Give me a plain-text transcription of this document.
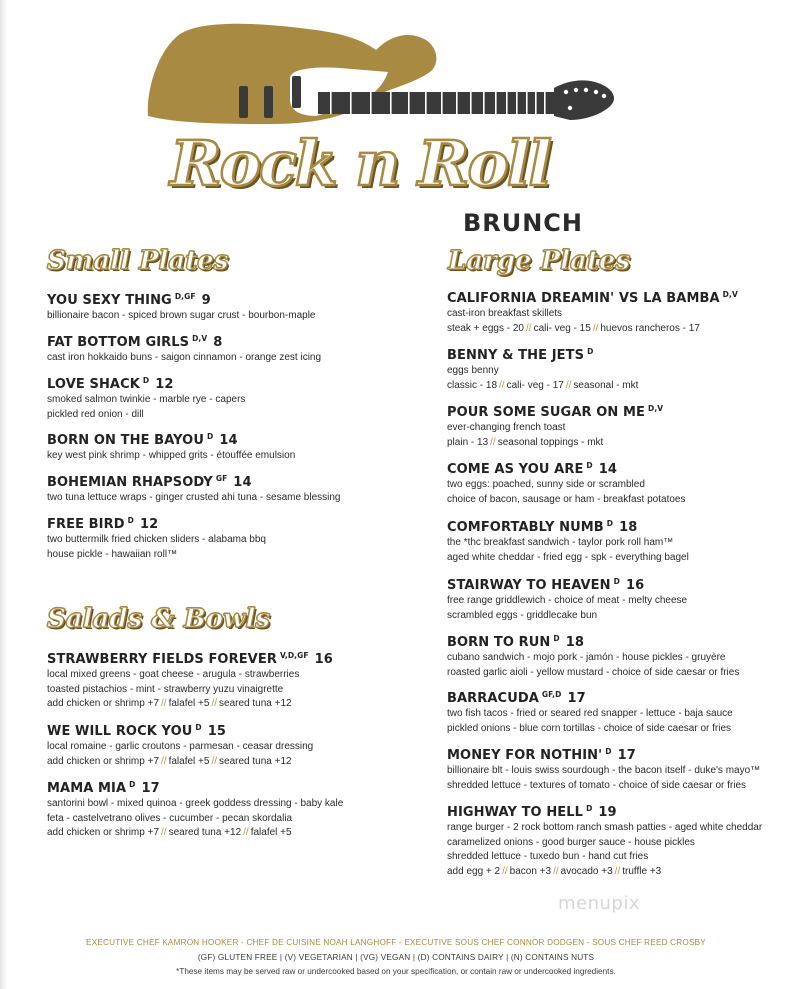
Rock n Roll
BRUNCH
Small Plates	Large Plates
Salads & Bowls
YOU SEXY THING $^{D,GF}$ 9
billionaire bacon - spiced brown sugar crust - bourbon-maple
FAT BOTTOM GIRLS $^{D,V}$ 8
cast iron hokkaido buns - saigon cinnamon - orange zest icing
LOVE SHACK $^D$ 12
smoked salmon twinkie - marble rye - capers
pickled red onion - dill
BORN ON THE BAYOU $^D$ 14
key west pink shrimp - whipped grits - étouffée emulsion
BOHEMIAN RHAPSODY $^{GF}$ 14
two tuna lettuce wraps - ginger crusted ahi tuna - sesame blessing
FREE BIRD $^D$ 12
two buttermilk fried chicken sliders - alabama bbq
house pickle - hawaiian roll™
STRAWBERRY FIELDS FOREVER $^{V,D,GF}$ 16
local mixed greens - goat cheese - arugula - strawberries
toasted pistachios - mint - strawberry yuzu vinaigrette
add chicken or shrimp +7 // falafel +5 // seared tuna +12
WE WILL ROCK YOU $^D$ 15
local romaine - garlic croutons - parmesan - ceasar dressing
add chicken or shrimp +7 // falafel +5 // seared tuna +12
MAMA MIA $^D$ 17
santorini bowl - mixed quinoa - greek goddess dressing - baby kale
feta - castelvetrano olives - cucumber - pecan skordalia
add chicken or shrimp +7 // seared tuna +12 // falafel +5
CALIFORNIA DREAMIN' VS LA BAMBA $^{D,V}$
cast-iron breakfast skillets
steak + eggs - 20 // cali- veg - 15 // huevos rancheros - 17
BENNY & THE JETS $^D$
eggs benny
classic - 18 // cali- veg - 17 // seasonal - mkt
POUR SOME SUGAR ON ME $^{D,V}$
ever-changing french toast
plain - 13 // seasonal toppings - mkt
COME AS YOU ARE $^D$ 14
two eggs: poached, sunny side or scrambled
choice of bacon, sausage or ham - breakfast potatoes
COMFORTABLY NUMB $^D$ 18
the *thc breakfast sandwich - taylor pork roll ham™
aged white cheddar - fried egg - spk - everything bagel
STAIRWAY TO HEAVEN $^D$ 16
free range griddlewich - choice of meat - melty cheese
scrambled eggs - griddlecake bun
BORN TO RUN $^D$ 18
cubano sandwich - mojo pork - jamón - house pickles - gruyère
roasted garlic aioli - yellow mustard - choice of side caesar or fries
BARRACUDA $^{GF,D}$ 17
two fish tacos - fried or seared red snapper - lettuce - baja sauce
pickled onions - blue corn tortillas - choice of side caesar or fries
MONEY FOR NOTHIN' $^D$ 17
billionaire blt - louis swiss sourdough - the bacon itself - duke's mayo™
shredded lettuce - textures of tomato - choice of side caesar or fries
HIGHWAY TO HELL $^D$ 19
range burger - 2 rock bottom ranch smash patties - aged white cheddar
caramelized onions - good burger sauce - house pickles
shredded lettuce - tuxedo bun - hand cut fries
add egg + 2 // bacon +3 // avocado +3 // truffle +3
menupix
EXECUTIVE CHEF KAMRON HOOKER - CHEF DE CUISINE NOAH LANGHOFF - EXECUTIVE SOUS CHEF CONNOR DODGEN - SOUS CHEF REED CROSBY
(GF) GLUTEN FREE | (V) VEGETARIAN | (VG) VEGAN | (D) CONTAINS DAIRY | (N) CONTAINS NUTS
*These items may be served raw or undercooked based on your specification, or contain raw or undercooked ingredients.
